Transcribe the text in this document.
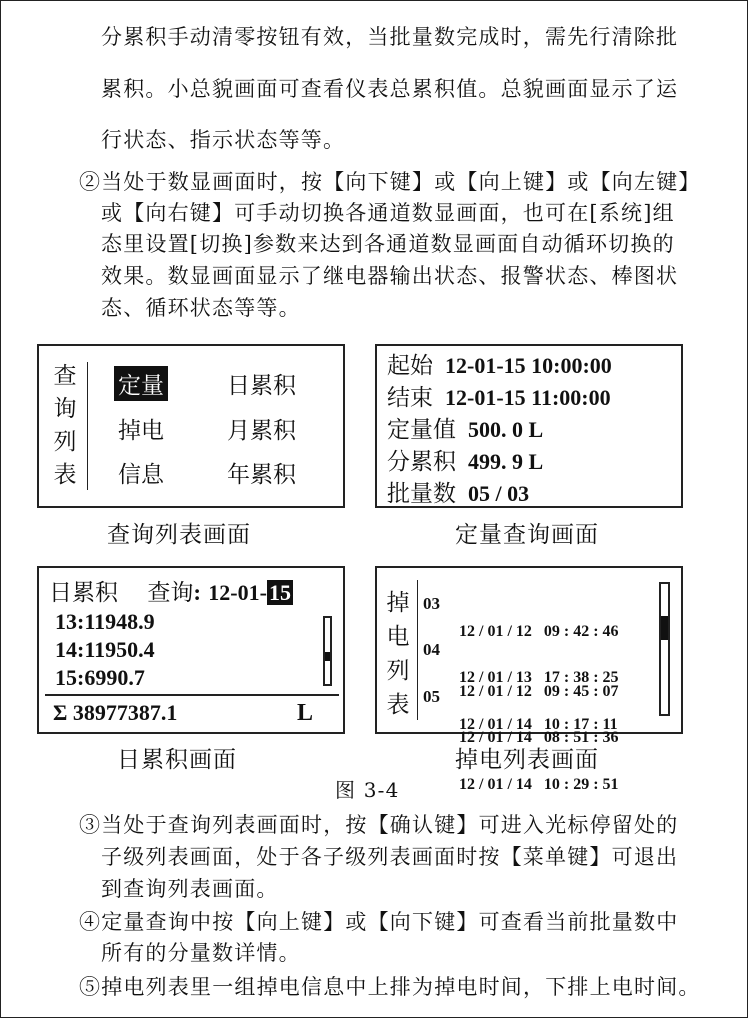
分累积手动清零按钮有效，当批量数完成时，需先行清除批
累积。小总貌画面可查看仪表总累积值。总貌画面显示了运
行状态、指示状态等等。
②当处于数显画面时，按【向下键】或【向上键】或【向左键】
或【向右键】可手动切换各通道数显画面，也可在[系统]组
态里设置[切换]参数来达到各通道数显画面自动循环切换的
效果。数显画面显示了继电器输出状态、报警状态、棒图状
态、循环状态等等。
查
询
列
表
定量	日累积
掉电	月累积
信息	年累积
查询列表画面
起始 12-01-15 10:00:00
结束 12-01-15 11:00:00
定量值 500. 0 L
分累积 499. 9 L
批量数 05 / 03
定量查询画面
日累积 查询: 12-01-15
13:11948.9
14:11950.4
15:6990.7
Σ 38977387.1	L
日累积画面
掉
电
列
表
03

12 / 01 / 12   09 : 42 : 46

12 / 01 / 12   09 : 45 : 07

04

12 / 01 / 13   17 : 38 : 25

12 / 01 / 14   08 : 51 : 36

05

12 / 01 / 14   10 : 17 : 11

12 / 01 / 14   10 : 29 : 51

掉电列表画面
图 3-4
③当处于查询列表画面时，按【确认键】可进入光标停留处的
子级列表画面，处于各子级列表画面时按【菜单键】可退出
到查询列表画面。
④定量查询中按【向上键】或【向下键】可查看当前批量数中
所有的分量数详情。
⑤掉电列表里一组掉电信息中上排为掉电时间，下排上电时间。
